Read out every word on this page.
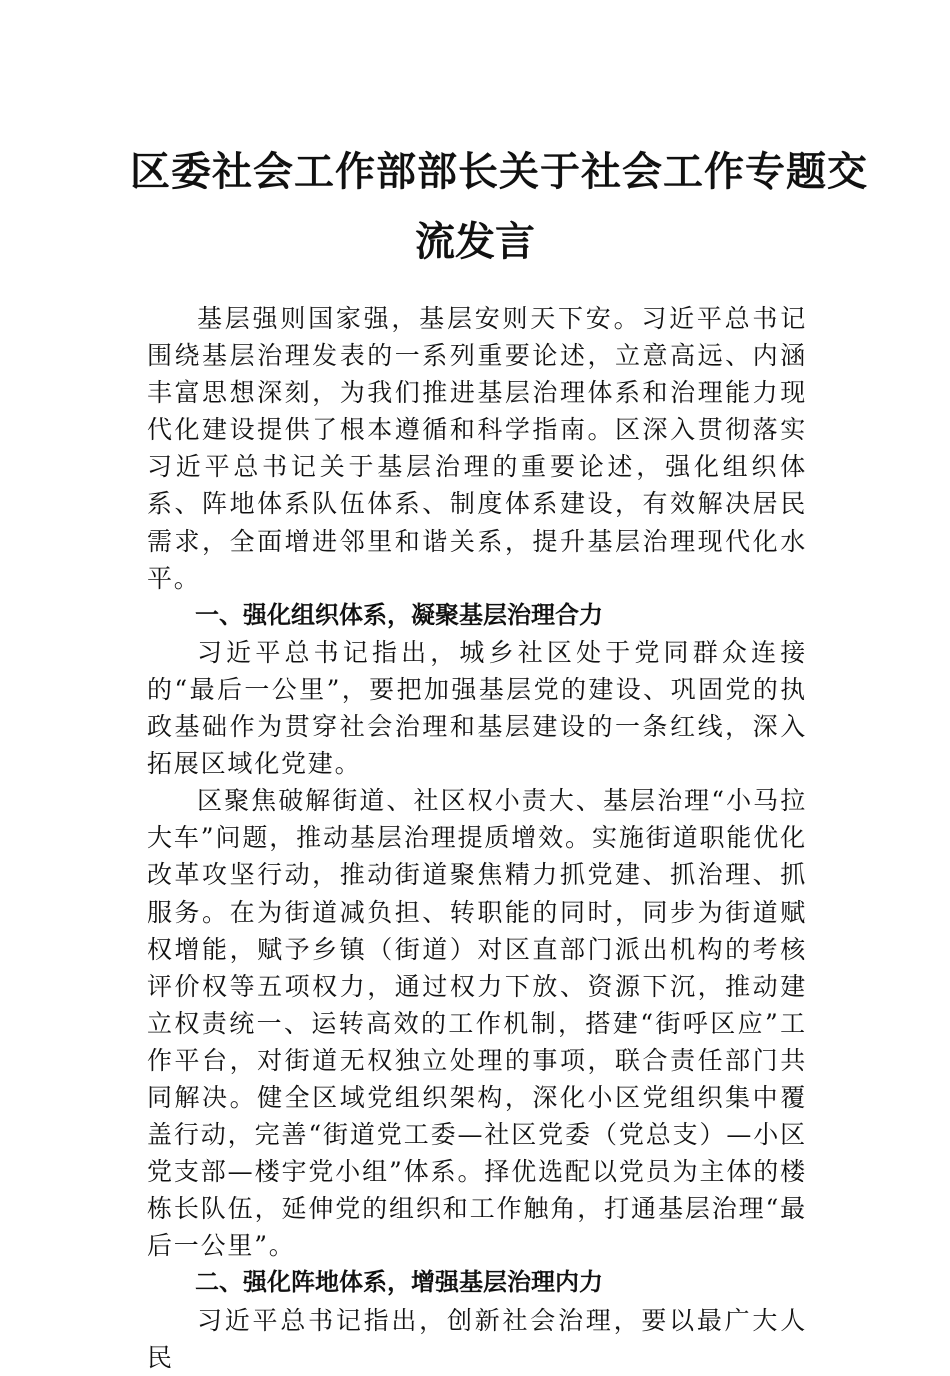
区委社会工作部部长关于社会工作专题交
流发言

基层强则国家强，基层安则天下安。习近平总书记围绕基层治理发表的一系列重要论述，立意高远、内涵丰富思想深刻，为我们推进基层治理体系和治理能力现代化建设提供了根本遵循和科学指南。区深入贯彻落实习近平总书记关于基层治理的重要论述，强化组织体系、阵地体系队伍体系、制度体系建设，有效解决居民需求，全面增进邻里和谐关系，提升基层治理现代化水平。

一、强化组织体系，凝聚基层治理合力

习近平总书记指出，城乡社区处于党同群众连接的“最后一公里”，要把加强基层党的建设、巩固党的执政基础作为贯穿社会治理和基层建设的一条红线，深入拓展区域化党建。

区聚焦破解街道、社区权小责大、基层治理“小马拉大车”问题，推动基层治理提质增效。实施街道职能优化改革攻坚行动，推动街道聚焦精力抓党建、抓治理、抓服务。在为街道减负担、转职能的同时，同步为街道赋权增能，赋予乡镇（街道）对区直部门派出机构的考核评价权等五项权力，通过权力下放、资源下沉，推动建立权责统一、运转高效的工作机制，搭建“街呼区应”工作平台，对街道无权独立处理的事项，联合责任部门共同解决。健全区域党组织架构，深化小区党组织集中覆盖行动，完善“街道党工委—社区党委（党总支）—小区党支部—楼宇党小组”体系。择优选配以党员为主体的楼栋长队伍，延伸党的组织和工作触角，打通基层治理“最后一公里”。

二、强化阵地体系，增强基层治理内力

习近平总书记指出，创新社会治理，要以最广大人民
